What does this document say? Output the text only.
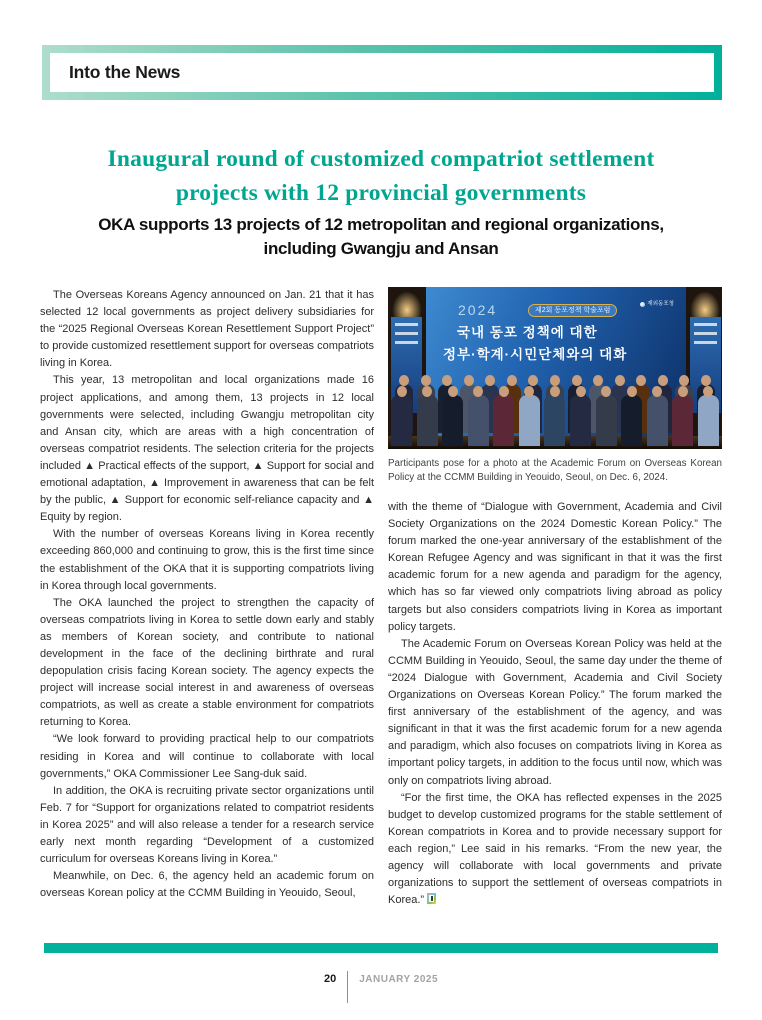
Into the News
Inaugural round of customized compatriot settlement
projects with 12 provincial governments
OKA supports 13 projects of 12 metropolitan and regional organizations,
including Gwangju and Ansan

The Overseas Koreans Agency announced on Jan. 21 that it has selected 12 local governments as project delivery subsidiaries for the “2025 Regional Overseas Korean Resettlement Support Project” to provide customized resettlement support for overseas compatriots living in Korea.

This year, 13 metropolitan and local organizations made 16 project applications, and among them, 13 projects in 12 local governments were selected, including Gwangju metropolitan city and Ansan city, which are areas with a high concentration of overseas compatriot residents. The selection criteria for the projects included ▲ Practical effects of the support, ▲ Support for social and emotional adaptation, ▲ Improvement in awareness that can be felt by the public, ▲ Support for economic self-reliance capacity and ▲ Equity by region.

With the number of overseas Koreans living in Korea recently exceeding 860,000 and continuing to grow, this is the first time since the establishment of the OKA that it is supporting compatriots living in Korea through local governments.

The OKA launched the project to strengthen the capacity of overseas compatriots living in Korea to settle down early and stably as members of Korean society, and contribute to national development in the face of the declining birthrate and rural depopulation crisis facing Korean society. The agency expects the project will increase social interest in and awareness of overseas compatriots, as well as create a stable environment for compatriots returning to Korea.

“We look forward to providing practical help to our compatriots residing in Korea and will continue to collaborate with local governments,” OKA Commissioner Lee Sang-duk said.

In addition, the OKA is recruiting private sector organizations until Feb. 7 for “Support for organizations related to compatriot residents in Korea 2025” and will also release a tender for a research service early next month regarding “Development of a customized curriculum for overseas Koreans living in Korea.”

Meanwhile, on Dec. 6, the agency held an academic forum on overseas Korean policy at the CCMM Building in Yeouido, Seoul,

2024	제2회 동포정책 학술포럼
국내 동포 정책에 대한
정부·학계·시민단체와의 대화
재외동포청
Participants pose for a photo at the Academic Forum on Overseas Korean Policy at the CCMM Building in Yeouido, Seoul, on Dec. 6, 2024.

with the theme of “Dialogue with Government, Academia and Civil Society Organizations on the 2024 Domestic Korean Policy.” The forum marked the one-year anniversary of the establishment of the Korean Refugee Agency and was significant in that it was the first academic forum for a new agenda and paradigm for the agency, which has so far viewed only compatriots living abroad as policy targets but also considers compatriots living in Korea as important policy targets.

The Academic Forum on Overseas Korean Policy was held at the CCMM Building in Yeouido, Seoul, the same day under the theme of “2024 Dialogue with Government, Academia and Civil Society Organizations on Overseas Korean Policy.” The forum marked the first anniversary of the establishment of the agency, and was significant in that it was the first academic forum for a new agenda and paradigm, which also focuses on compatriots living in Korea as important policy targets, in addition to the focus until now, which was only on compatriots living abroad.

“For the first time, the OKA has reflected expenses in the 2025 budget to develop customized programs for the stable settlement of Korean compatriots in Korea and to provide necessary support for each region,” Lee said in his remarks. “From the new year, the agency will collaborate with local governments and private organizations to support the settlement of overseas compatriots in Korea.”

20 JANUARY 2025
